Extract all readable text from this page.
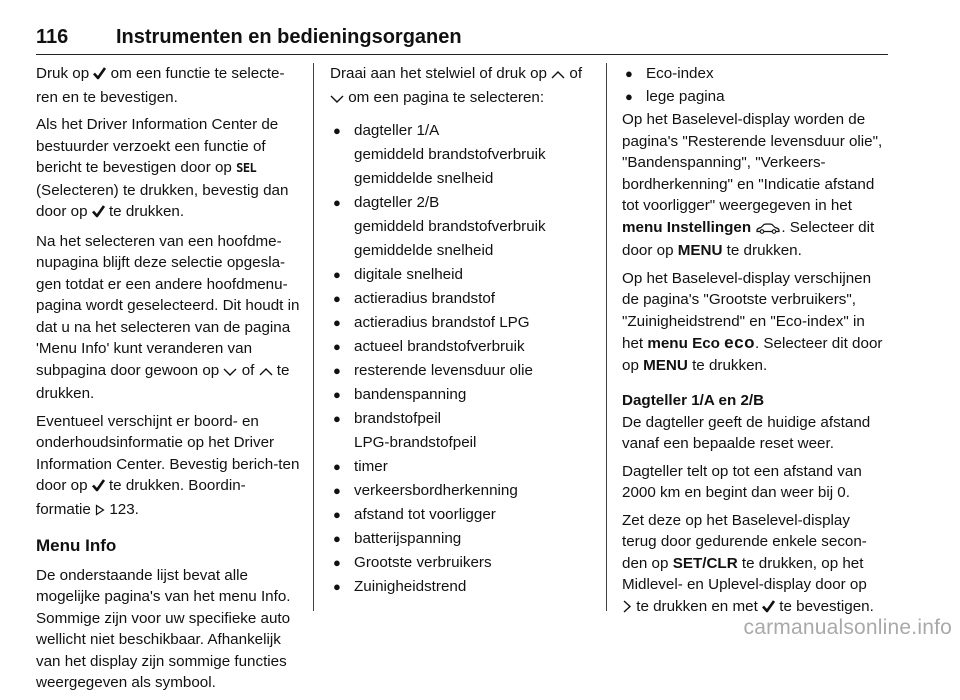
116 Instrumenten en bedieningsorganen

Druk op  om een functie te selecte-ren en te bevestigen.

Als het Driver Information Center de bestuurder verzoekt een functie of bericht te bevestigen door op SEL (Selecteren) te drukken, bevestig dan door op  te drukken.

Na het selecteren van een hoofdme-nupagina blijft deze selectie opgesla-gen totdat er een andere hoofdmenu-pagina wordt geselecteerd. Dit houdt in dat u na het selecteren van de pagina 'Menu Info' kunt veranderen van subpagina door gewoon op  of  te drukken.

Eventueel verschijnt er boord- en onderhoudsinformatie op het Driver Information Center. Bevestig berich-ten door op  te drukken. Boordin-formatie  123.

Menu Info

De onderstaande lijst bevat alle mogelijke pagina's van het menu Info. Sommige zijn voor uw specifieke auto wellicht niet beschikbaar. Afhankelijk van het display zijn sommige functies weergegeven als symbool.

Draai aan het stelwiel of druk op  of
om een pagina te selecteren:

● dagteller 1/A
gemiddeld brandstofverbruik
gemiddelde snelheid
● dagteller 2/B
gemiddeld brandstofverbruik
gemiddelde snelheid
● digitale snelheid
● actieradius brandstof
● actieradius brandstof LPG
● actueel brandstofverbruik
● resterende levensduur olie
● bandenspanning
● brandstofpeil
LPG-brandstofpeil
● timer
● verkeersbordherkenning
● afstand tot voorligger
● batterijspanning
● Grootste verbruikers
● Zuinigheidstrend
● Eco-index
● lege pagina

Op het Baselevel-display worden de pagina's "Resterende levensduur olie", "Bandenspanning", "Verkeers-bordherkenning" en "Indicatie afstand tot voorligger" weergegeven in het menu Instellingen . Selecteer dit door op MENU te drukken.

Op het Baselevel-display verschijnen de pagina's "Grootste verbruikers", "Zuinigheidstrend" en "Eco-index" in het menu Eco eco. Selecteer dit door op MENU te drukken.

Dagteller 1/A en 2/B

De dagteller geeft de huidige afstand vanaf een bepaalde reset weer.

Dagteller telt op tot een afstand van 2000 km en begint dan weer bij 0.

Zet deze op het Baselevel-display terug door gedurende enkele secon-den op SET/CLR te drukken, op het Midlevel- en Uplevel-display door op
te drukken en met  te bevestigen.

carmanualsonline.info
